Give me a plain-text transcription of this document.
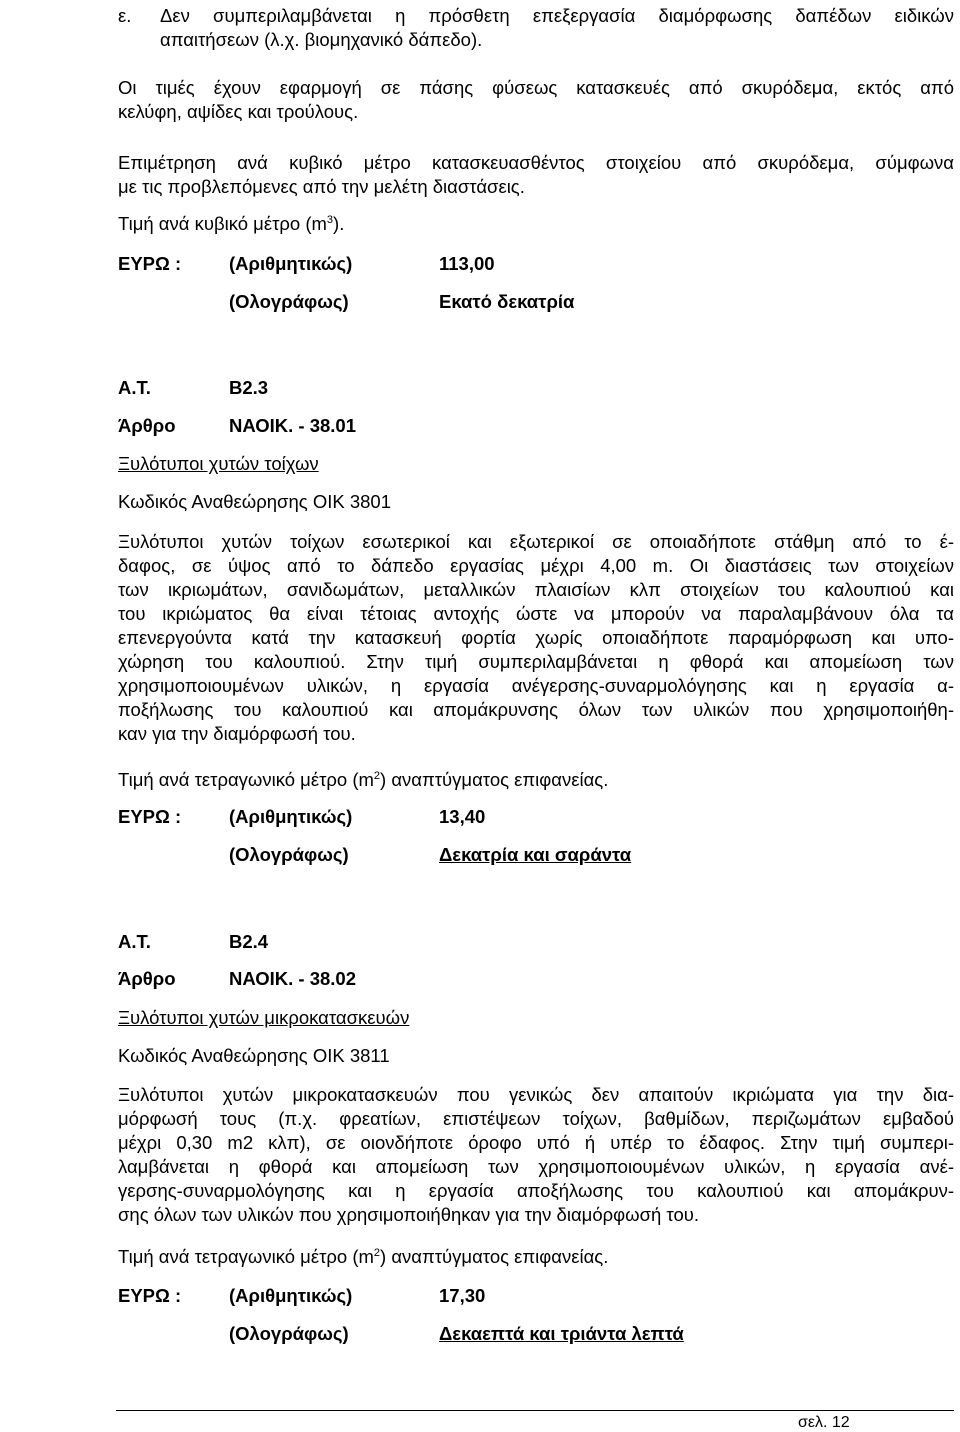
ε. Δεν συμπεριλαμβάνεται η πρόσθετη επεξεργασία διαμόρφωσης δαπέδων ειδικών
απαιτήσεων (λ.χ. βιομηχανικό δάπεδο).
Οι τιμές έχουν εφαρμογή σε πάσης φύσεως κατασκευές από σκυρόδεμα, εκτός από
κελύφη, αψίδες και τρούλους.
Επιμέτρηση ανά κυβικό μέτρο κατασκευασθέντος στοιχείου από σκυρόδεμα, σύμφωνα
με τις προβλεπόμενες από την μελέτη διαστάσεις.
Τιμή ανά κυβικό μέτρο $(m^3)$.
ΕΥΡΩ :	(Αριθμητικώς)	113,00
(Ολογράφως)	Εκατό δεκατρία
Α.Τ.	Β2.3
Άρθρο	ΝΑΟΙΚ. - 38.01
Ξυλότυποι χυτών τοίχων
Κωδικός Αναθεώρησης ΟΙΚ 3801
Ξυλότυποι χυτών τοίχων εσωτερικοί και εξωτερικοί σε οποιαδήποτε στάθμη από το έ-
δαφος, σε ύψος από το δάπεδο εργασίας μέχρι 4,00 m. Οι διαστάσεις των στοιχείων
των ικριωμάτων, σανιδωμάτων, μεταλλικών πλαισίων κλπ στοιχείων του καλουπιού και
του ικριώματος θα είναι τέτοιας αντοχής ώστε να μπορούν να παραλαμβάνουν όλα τα
επενεργούντα κατά την κατασκευή φορτία χωρίς οποιαδήποτε παραμόρφωση και υπο-
χώρηση του καλουπιού. Στην τιμή συμπεριλαμβάνεται η φθορά και απομείωση των
χρησιμοποιουμένων υλικών, η εργασία ανέγερσης-συναρμολόγησης και η εργασία α-
ποξήλωσης του καλουπιού και απομάκρυνσης όλων των υλικών που χρησιμοποιήθη-
καν για την διαμόρφωσή του.
Τιμή ανά τετραγωνικό μέτρο $(m^2)$ αναπτύγματος επιφανείας.
ΕΥΡΩ :	(Αριθμητικώς)	13,40
(Ολογράφως)	Δεκατρία και σαράντα
Α.Τ.	Β2.4
Άρθρο	ΝΑΟΙΚ. - 38.02
Ξυλότυποι χυτών μικροκατασκευών
Κωδικός Αναθεώρησης ΟΙΚ 3811
Ξυλότυποι χυτών μικροκατασκευών που γενικώς δεν απαιτούν ικριώματα για την δια-
μόρφωσή τους (π.χ. φρεατίων, επιστέψεων τοίχων, βαθμίδων, περιζωμάτων εμβαδού
μέχρι 0,30 m2 κλπ), σε οιονδήποτε όροφο υπό ή υπέρ το έδαφος. Στην τιμή συμπερι-
λαμβάνεται η φθορά και απομείωση των χρησιμοποιουμένων υλικών, η εργασία ανέ-
γερσης-συναρμολόγησης και η εργασία αποξήλωσης του καλουπιού και απομάκρυν-
σης όλων των υλικών που χρησιμοποιήθηκαν για την διαμόρφωσή του.
Τιμή ανά τετραγωνικό μέτρο $(m^2)$ αναπτύγματος επιφανείας.
ΕΥΡΩ :	(Αριθμητικώς)	17,30
(Ολογράφως)	Δεκαεπτά και τριάντα λεπτά
σελ. 12
